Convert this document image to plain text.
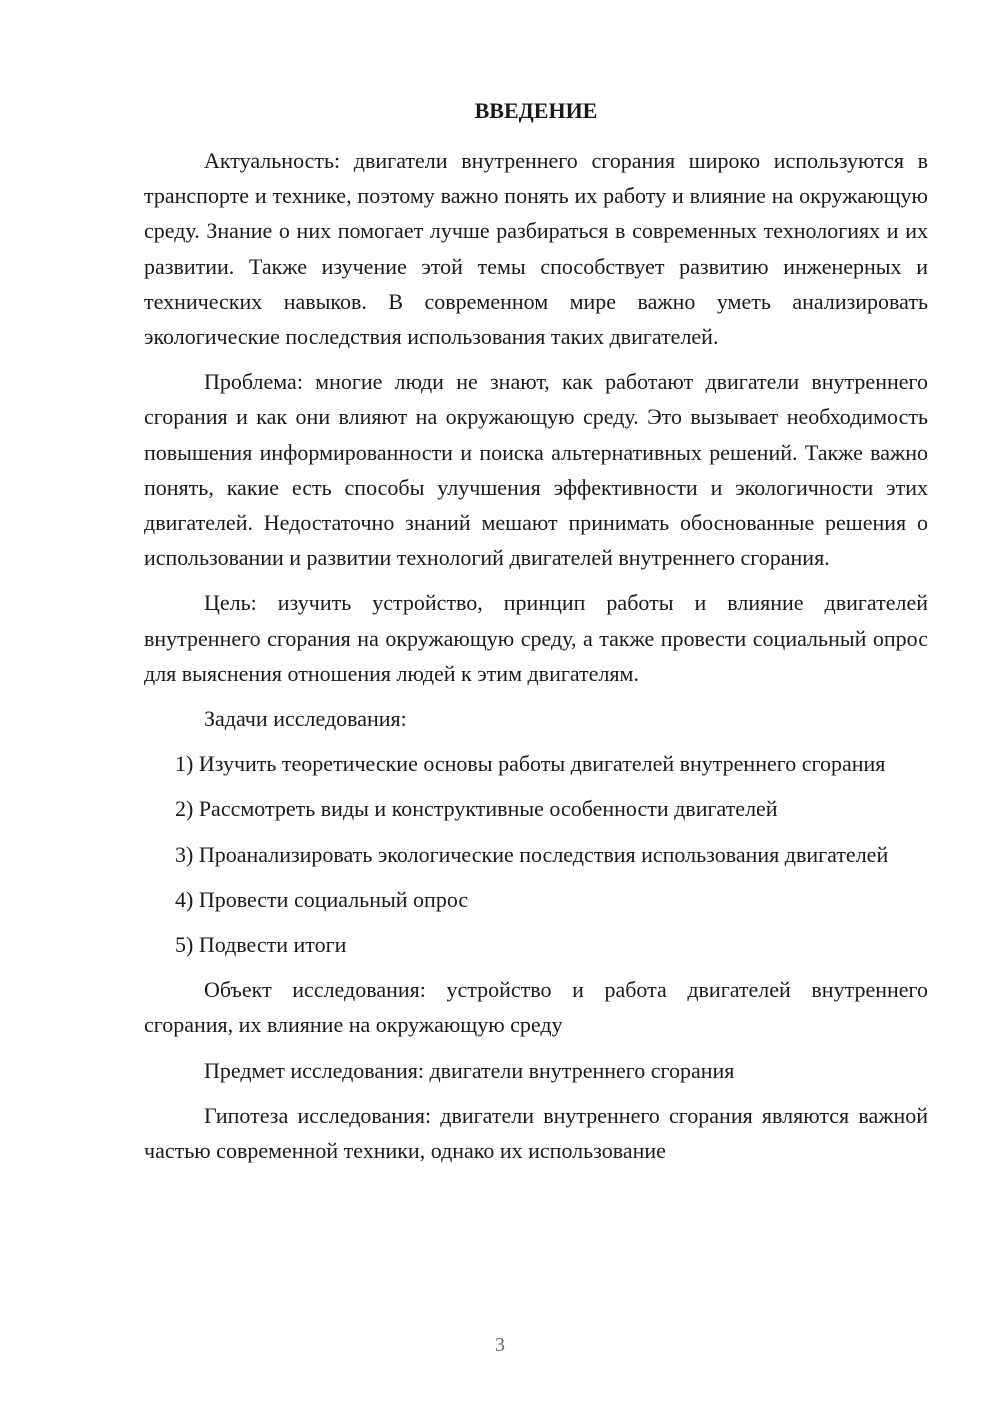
ВВЕДЕНИЕ

Актуальность: двигатели внутреннего сгорания широко используются в транспорте и технике, поэтому важно понять их работу и влияние на окружающую среду. Знание о них помогает лучше разбираться в современных технологиях и их развитии. Также изучение этой темы способствует развитию инженерных и технических навыков. В современном мире важно уметь анализировать экологические последствия использования таких двигателей.

Проблема: многие люди не знают, как работают двигатели внутреннего сгорания и как они влияют на окружающую среду. Это вызывает необходимость повышения информированности и поиска альтернативных решений. Также важно понять, какие есть способы улучшения эффективности и экологичности этих двигателей. Недостаточно знаний мешают принимать обоснованные решения о использовании и развитии технологий двигателей внутреннего сгорания.

Цель: изучить устройство, принцип работы и влияние двигателей внутреннего сгорания на окружающую среду, а также провести социальный опрос для выяснения отношения людей к этим двигателям.

Задачи исследования:

1) Изучить теоретические основы работы двигателей внутреннего сгорания

2) Рассмотреть виды и конструктивные особенности двигателей

3) Проанализировать экологические последствия использования двигателей

4) Провести социальный опрос

5) Подвести итоги

Объект исследования: устройство и работа двигателей внутреннего сгорания, их влияние на окружающую среду

Предмет исследования: двигатели внутреннего сгорания

Гипотеза исследования: двигатели внутреннего сгорания являются важной частью современной техники, однако их использование

3
